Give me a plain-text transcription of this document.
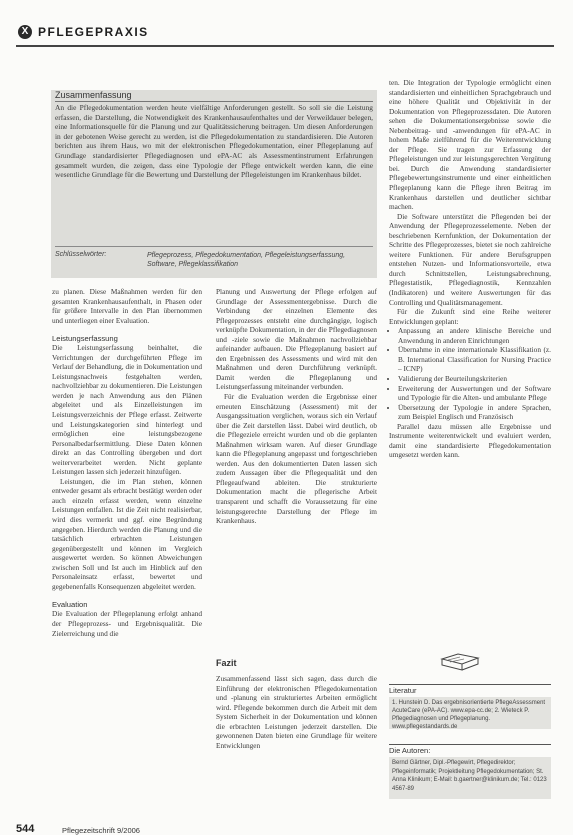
X PFLEGEPRAXIS
Zusammenfassung
An die Pflegedokumentation werden heute vielfältige Anforderungen gestellt. So soll sie die Leistung erfassen, die Darstellung, die Notwendigkeit des Krankenhausaufenthaltes und der Verweildauer belegen, eine Informationsquelle für die Planung und zur Qualitätssicherung beitragen. Um diesen Anforderungen in der gebotenen Weise gerecht zu werden, ist die Pflegedokumentation zu standardisieren. Die Autoren berichten aus ihrem Haus, wo mit der elektronischen Pflegedokumentation, einer Pflegeplanung auf Grundlage standardisierter Pflegediagnosen und ePA-AC als Assessmentinstrument Erfahrungen gesammelt wurden, die zeigen, dass eine Typologie der Pflege entwickelt werden kann, die eine wesentliche Grundlage für die Bewertung und Darstellung der Pflegeleistungen im Krankenhaus bildet.
Schlüsselwörter:	Pflegeprozess, Pflegedokumentation, Pflegeleistungserfassung, Software, Pflegeklassifikation

zu planen. Diese Maßnahmen werden für den gesamten Krankenhausaufenthalt, in Phasen oder für größere Intervalle in den Plan übernommen und unterliegen einer Evaluation.

Leistungserfassung

Die Leistungserfassung beinhaltet, die Verrichtungen der durchgeführten Pflege im Verlauf der Behandlung, die in Dokumentation und Leistungsnachweis festgehalten werden, nachvollziehbar zu dokumentieren. Die Leistungen werden je nach Anwendung aus den Plänen abgeleitet und als Einzelleistungen im Leistungsverzeichnis der Pflege erfasst. Zeitwerte und Leistungskategorien sind hinterlegt und ermöglichen eine leistungsbezogene Personalbedarfsermittlung. Diese Daten können direkt an das Controlling übergeben und dort weiterverarbeitet werden. Nicht geplante Leistungen lassen sich jederzeit hinzufügen.

Leistungen, die im Plan stehen, können entweder gesamt als erbracht bestätigt werden oder auch einzeln erfasst werden, wenn einzelne Leistungen entfallen. Ist die Zeit nicht realisierbar, wird dies vermerkt und ggf. eine Begründung angegeben. Hierdurch werden die Planung und die tatsächlich erbrachten Leistungen gegenübergestellt und können im Vergleich ausgewertet werden. So können Abweichungen zwischen Soll und Ist auch im Hinblick auf den Personaleinsatz erfasst, bewertet und gegebenenfalls Konsequenzen abgeleitet werden.

Evaluation

Die Evaluation der Pflegeplanung erfolgt anhand der Pflegeprozess- und Ergebnisqualität. Die Zielerreichung und die

Planung und Auswertung der Pflege erfolgen auf Grundlage der Assessmentergebnisse. Durch die Verbindung der einzelnen Elemente des Pflegeprozesses entsteht eine durchgängige, logisch verknüpfte Dokumentation, in der die Pflegediagnosen und -ziele sowie die Maßnahmen nachvollziehbar aufeinander aufbauen. Die Pflegeplanung basiert auf den Ergebnissen des Assessments und wird mit den Maßnahmen und deren Durchführung verknüpft. Damit werden die Pflegeplanung und Leistungserfassung miteinander verbunden.

Für die Evaluation werden die Ergebnisse einer erneuten Einschätzung (Assessment) mit der Ausgangssituation verglichen, woraus sich ein Verlauf über die Zeit darstellen lässt. Dabei wird deutlich, ob die Pflegeziele erreicht wurden und ob die geplanten Maßnahmen wirksam waren. Auf dieser Grundlage kann die Pflegeplanung angepasst und fortgeschrieben werden. Aus den dokumentierten Daten lassen sich zudem Aussagen über die Pflegequalität und den Pflegeaufwand ableiten. Die strukturierte Dokumentation macht die pflegerische Arbeit transparent und schafft die Voraussetzung für eine leistungsgerechte Darstellung der Pflege im Krankenhaus.

Fazit
Zusammenfassend lässt sich sagen, dass durch die Einführung der elektronischen Pflegedokumentation und -planung ein strukturiertes Arbeiten ermöglicht wird. Pflegende bekommen durch die Arbeit mit dem System Sicherheit in der Dokumentation und können die erbrachten Leistungen jederzeit darstellen. Die gewonnenen Daten bieten eine Grundlage für weitere Entwicklungen

ten. Die Integration der Typologie ermöglicht einen standardisierten und einheitlichen Sprachgebrauch und eine höhere Qualität und Objektivität in der Dokumentation von Pflegeprozessdaten. Die Autoren sehen die Dokumentationsergebnisse sowie die Nebenbeitrag- und -anwendungen für ePA-AC in hohem Maße zielführend für die Weiterentwicklung der Pflege. Sie tragen zur Erfassung der Pflegeleistungen und zur leistungsgerechten Vergütung bei. Durch die Anwendung standardisierter Pflegebewertungsinstrumente und einer einheitlichen Pflegeplanung kann die Pflege ihren Beitrag im Krankenhaus darstellen und deutlicher sichtbar machen.

Die Software unterstützt die Pflegenden bei der Anwendung der Pflegeprozesselemente. Neben der beschriebenen Kernfunktion, der Dokumentation der Schritte des Pflegeprozesses, bietet sie noch zahlreiche weitere Funktionen. Für andere Berufsgruppen entstehen Nutzen- und Informationsvorteile, etwa durch Schnittstellen, Leistungsabrechnung, Pflegestatistik, Pflegediagnostik, Kennzahlen (Indikatoren) und weitere Auswertungen für das Controlling und Qualitätsmanagement.

Für die Zukunft sind eine Reihe weiterer Entwicklungen geplant:

• Anpassung an andere klinische Bereiche und Anwendung in anderen Einrichtungen
• Übernahme in eine internationale Klassifikation (z. B. International Classification for Nursing Practice – ICNP)
• Validierung der Beurteilungskriterien
• Erweiterung der Auswertungen und der Software und Typologie für die Alten- und ambulante Pflege
• Übersetzung der Typologie in andere Sprachen, zum Beispiel Englisch und Französisch

Parallel dazu müssen alle Ergebnisse und Instrumente weiterentwickelt und evaluiert werden, damit eine standardisierte Pflegedokumentation umgesetzt werden kann.

Literatur
1. Hunstein D. Das ergebnisorientierte PflegeAssessment AcuteCare (ePA-AC). www.epa-cc.de; 2. Wieteck P. Pflegediagnosen und Pflegeplanung. www.pflegestandards.de
Die Autoren:
Bernd Gärtner, Dipl.-Pflegewirt, Pflegedirektor; Pflegeinformatik; Projektleitung Pflegedokumentation; St. Anna Klinikum; E-Mail: b.gaertner@klinikum.de; Tel.: 0123 4567-89
544	Pflegezeitschrift 9/2006
